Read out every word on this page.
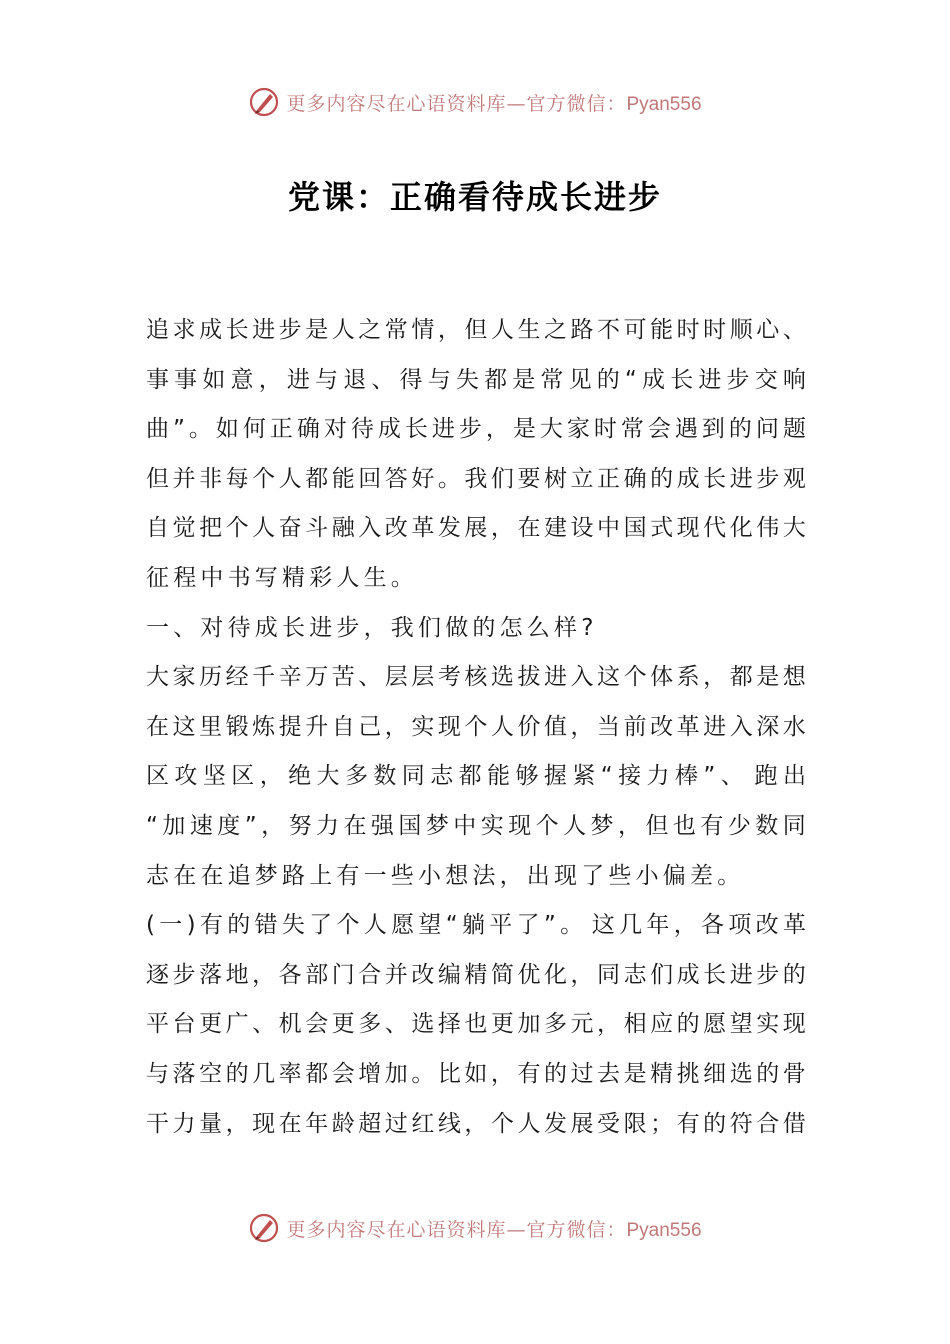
更多内容尽在心语资料库—官方微信：Pyan556
党课：正确看待成长进步
追 求 成 长 进 步 是 人 之 常 情 ， 但 人 生 之 路 不 可 能 时 时 顺 心 、
事 事 如 意 ， 进 与 退 、 得 与 失 都 是 常 见 的 “ 成 长 进 步 交 响
曲 ” 。 如 何 正 确 对 待 成 长 进 步 ， 是 大 家 时 常 会 遇 到 的 问 题
但 并 非 每 个 人 都 能 回 答 好 。 我 们 要 树 立 正 确 的 成 长 进 步 观
自 觉 把 个 人 奋 斗 融 入 改 革 发 展 ， 在 建 设 中 国 式 现 代 化 伟 大
征程中书写精彩人生。
一、对待成长进步，我们做的怎么样?
大 家 历 经 千 辛 万 苦 、 层 层 考 核 选 拔 进 入 这 个 体 系 ， 都 是 想
在 这 里 锻 炼 提 升 自 己 ， 实 现 个 人 价 值 ， 当 前 改 革 进 入 深 水
区 攻 坚 区 ， 绝 大 多 数 同 志 都 能 够 握 紧 “ 接 力 棒 ” 、 跑 出
“ 加 速 度 ” ， 努 力 在 强 国 梦 中 实 现 个 人 梦 ， 但 也 有 少 数 同
志在在追梦路上有一些小想法，出现了些小偏差。
( 一 ) 有 的 错 失 了 个 人 愿 望 “ 躺 平 了 ” 。 这 几 年 ， 各 项 改 革
逐 步 落 地 ， 各 部 门 合 并 改 编 精 简 优 化 ， 同 志 们 成 长 进 步 的
平 台 更 广 、 机 会 更 多 、 选 择 也 更 加 多 元 ， 相 应 的 愿 望 实 现
与 落 空 的 几 率 都 会 增 加 。 比 如 ， 有 的 过 去 是 精 挑 细 选 的 骨
干 力 量 ， 现 在 年 龄 超 过 红 线 ， 个 人 发 展 受 限 ； 有 的 符 合 借
更多内容尽在心语资料库—官方微信：Pyan556
